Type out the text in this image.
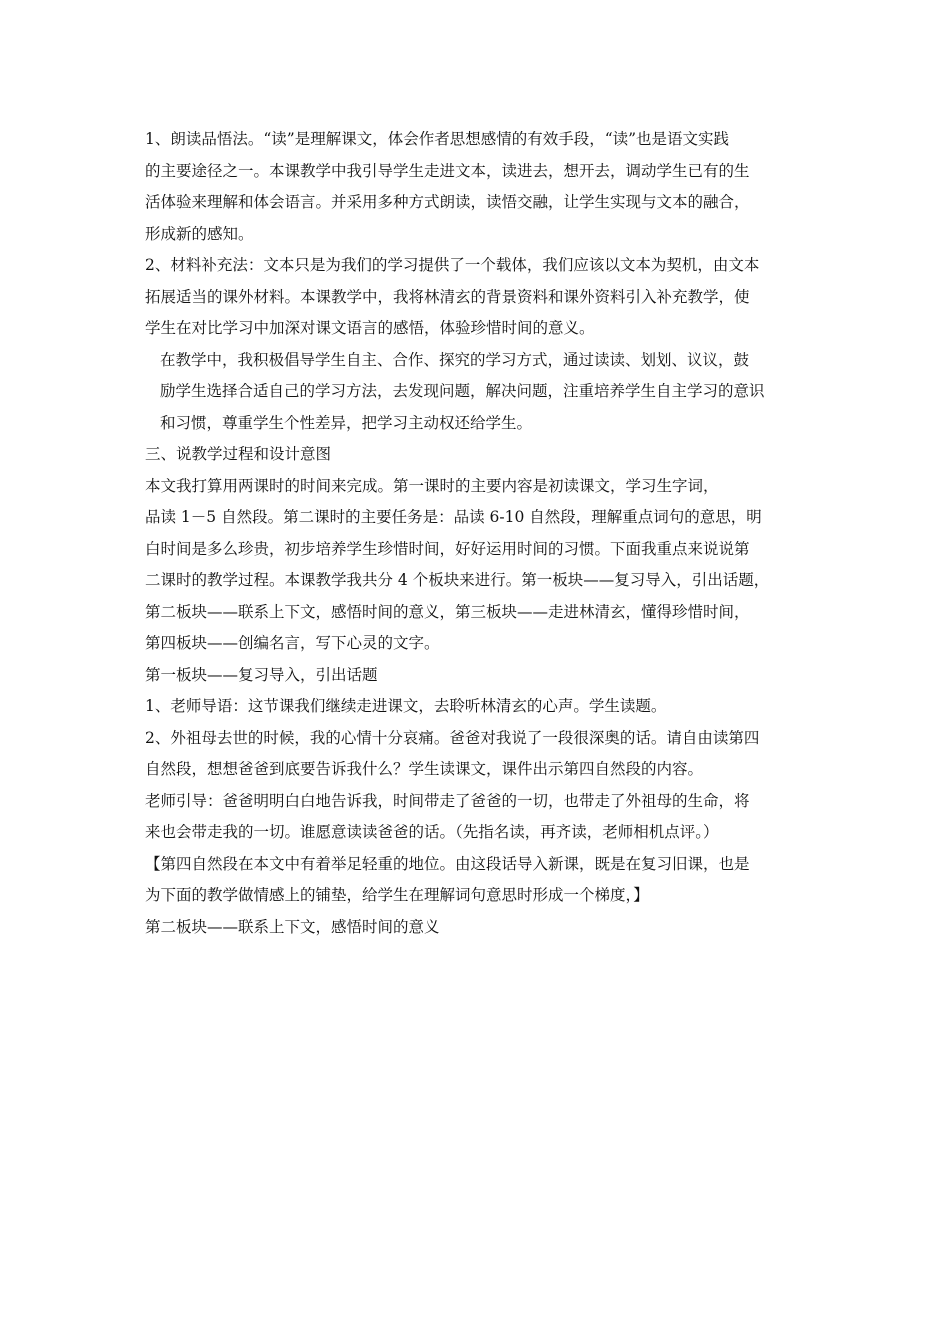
1、朗读品悟法。“读”是理解课文，体会作者思想感情的有效手段，“读”也是语文实践
的主要途径之一。本课教学中我引导学生走进文本，读进去，想开去，调动学生已有的生
活体验来理解和体会语言。并采用多种方式朗读，读悟交融，让学生实现与文本的融合，
形成新的感知。
2、材料补充法：文本只是为我们的学习提供了一个载体，我们应该以文本为契机，由文本
拓展适当的课外材料。本课教学中，我将林清玄的背景资料和课外资料引入补充教学，使
学生在对比学习中加深对课文语言的感悟，体验珍惜时间的意义。
在教学中，我积极倡导学生自主、合作、探究的学习方式，通过读读、划划、议议，鼓
励学生选择合适自己的学习方法，去发现问题，解决问题，注重培养学生自主学习的意识
和习惯，尊重学生个性差异，把学习主动权还给学生。
三、说教学过程和设计意图
本文我打算用两课时的时间来完成。第一课时的主要内容是初读课文，学习生字词，
品读 1－5 自然段。第二课时的主要任务是：品读 6-10 自然段，理解重点词句的意思，明
白时间是多么珍贵，初步培养学生珍惜时间，好好运用时间的习惯。下面我重点来说说第
二课时的教学过程。本课教学我共分 4 个板块来进行。第一板块——复习导入，引出话题，
第二板块——联系上下文，感悟时间的意义，第三板块——走进林清玄，懂得珍惜时间，
第四板块——创编名言，写下心灵的文字。
第一板块——复习导入，引出话题
1、老师导语：这节课我们继续走进课文，去聆听林清玄的心声。学生读题。
2、外祖母去世的时候，我的心情十分哀痛。爸爸对我说了一段很深奥的话。请自由读第四
自然段，想想爸爸到底要告诉我什么？学生读课文，课件出示第四自然段的内容。
老师引导：爸爸明明白白地告诉我，时间带走了爸爸的一切，也带走了外祖母的生命，将
来也会带走我的一切。谁愿意读读爸爸的话。（先指名读，再齐读，老师相机点评。）
【第四自然段在本文中有着举足轻重的地位。由这段话导入新课，既是在复习旧课，也是
为下面的教学做情感上的铺垫，给学生在理解词句意思时形成一个梯度，】
第二板块——联系上下文，感悟时间的意义
